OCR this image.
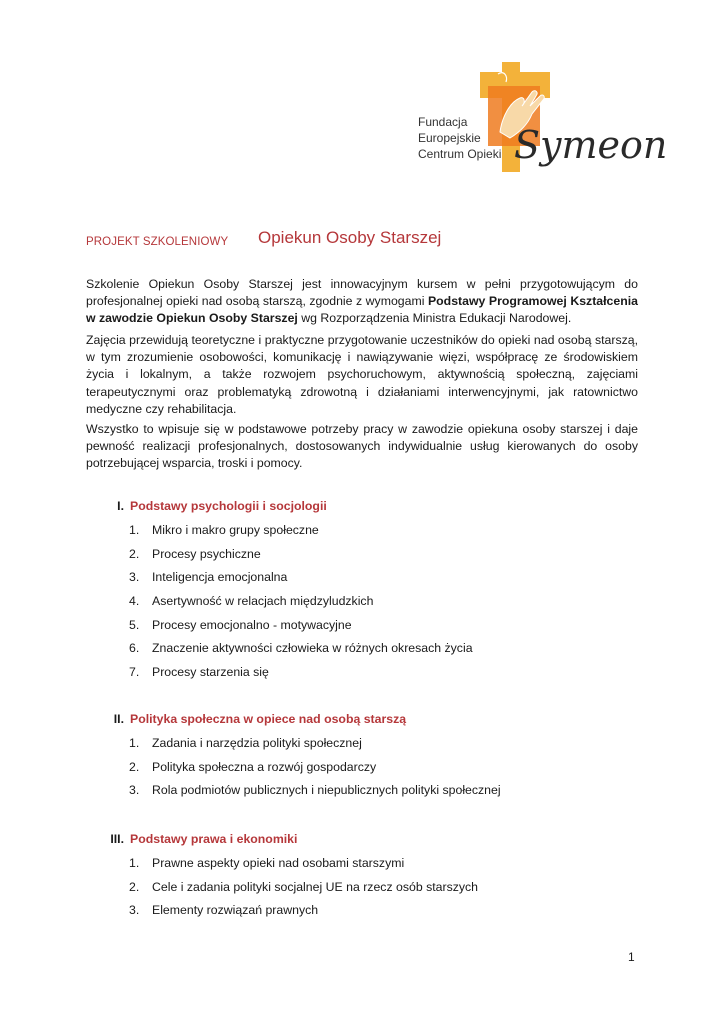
Fundacja
Europejskie
Centrum Opieki Symeon
PROJEKT SZKOLENIOWY Opiekun Osoby Starszej
Szkolenie Opiekun Osoby Starszej jest innowacyjnym kursem w pełni przygotowującym do profesjonalnej opieki nad osobą starszą, zgodnie z wymogami Podstawy Programowej Kształcenia w zawodzie Opiekun Osoby Starszej wg Rozporządzenia Ministra Edukacji Narodowej.
Zajęcia przewidują teoretyczne i praktyczne przygotowanie uczestników do opieki nad osobą starszą, w tym zrozumienie osobowości, komunikację i nawiązywanie więzi, współpracę ze środowiskiem życia i lokalnym, a także rozwojem psychoruchowym, aktywnością społeczną, zajęciami terapeutycznymi oraz problematyką zdrowotną i działaniami interwencyjnymi, jak ratownictwo medyczne czy rehabilitacja.
Wszystko to wpisuje się w podstawowe potrzeby pracy w zawodzie opiekuna osoby starszej i daje pewność realizacji profesjonalnych, dostosowanych indywidualnie usług kierowanych do osoby potrzebującej wsparcia, troski i pomocy.
I. Podstawy psychologii i socjologii
1. Mikro i makro grupy społeczne
2. Procesy psychiczne
3. Inteligencja emocjonalna
4. Asertywność w relacjach międzyludzkich
5. Procesy emocjonalno - motywacyjne
6. Znaczenie aktywności człowieka w różnych okresach życia
7. Procesy starzenia się
II. Polityka społeczna w opiece nad osobą starszą
1. Zadania i narzędzia polityki społecznej
2. Polityka społeczna a rozwój gospodarczy
3. Rola podmiotów publicznych i niepublicznych polityki społecznej
III. Podstawy prawa i ekonomiki
1. Prawne aspekty opieki nad osobami starszymi
2. Cele i zadania polityki socjalnej UE na rzecz osób starszych
3. Elementy rozwiązań prawnych
1
